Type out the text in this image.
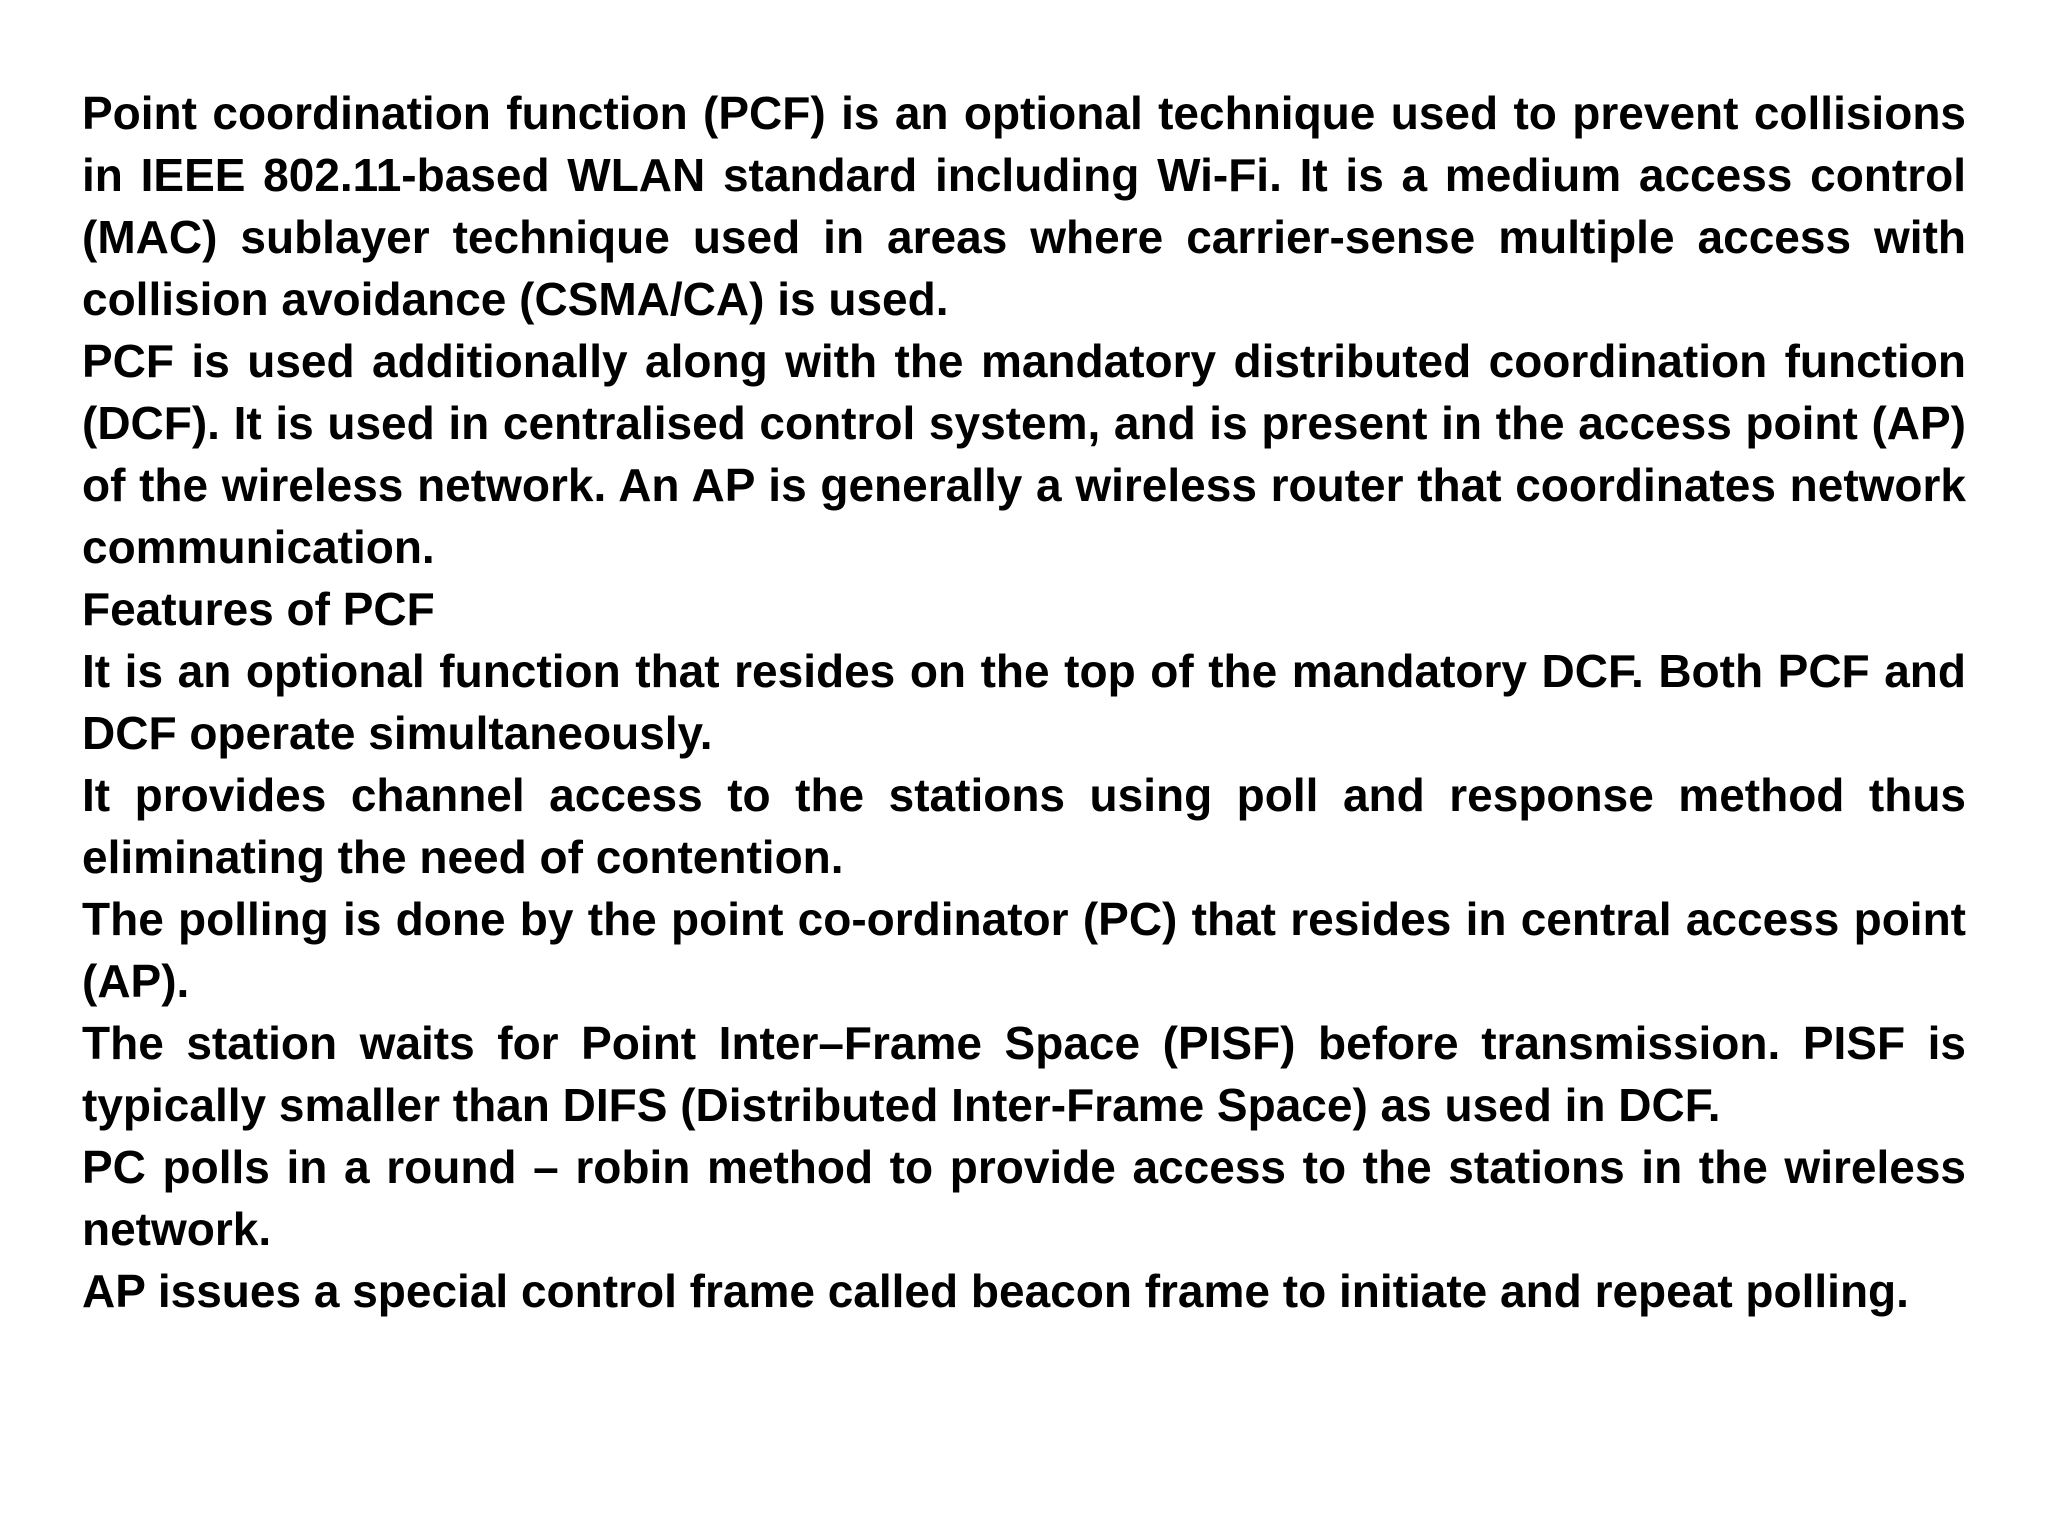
Point coordination function (PCF) is an optional technique used to prevent collisions in IEEE 802.11-based WLAN standard including Wi-Fi. It is a medium access control (MAC) sublayer technique used in areas where carrier-sense multiple access with collision avoidance (CSMA/CA) is used.

PCF is used additionally along with the mandatory distributed coordination function (DCF). It is used in centralised control system, and is present in the access point (AP) of the wireless network. An AP is generally a wireless router that coordinates network communication.

Features of PCF

It is an optional function that resides on the top of the mandatory DCF. Both PCF and DCF operate simultaneously.

It provides channel access to the stations using poll and response method thus eliminating the need of contention.

The polling is done by the point co-ordinator (PC) that resides in central access point (AP).

The station waits for Point Inter–Frame Space (PISF) before transmission. PISF is typically smaller than DIFS (Distributed Inter-Frame Space) as used in DCF.

PC polls in a round – robin method to provide access to the stations in the wireless network.

AP issues a special control frame called beacon frame to initiate and repeat polling.
